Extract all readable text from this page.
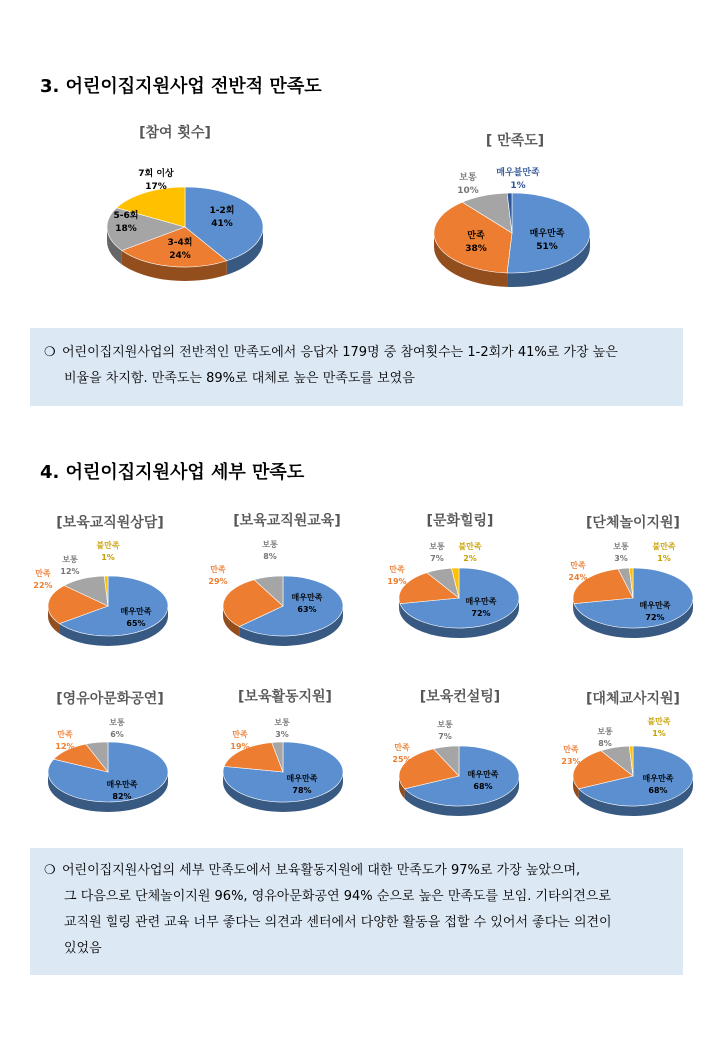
3. 어린이집지원사업 전반적 만족도
[참여 횟수]	[ 만족도]
1-2회
41%
3-4회
24%
5-6회
18%
7회 이상
17%
매우만족
51%
만족
38%
보통
10%
매우불만족
1%

❍ 어린이집지원사업의 전반적인 만족도에서 응답자 179명 중 참여횟수는 1-2회가 41%로 가장 높은

비율을 차지함. 만족도는 89%로 대체로 높은 만족도를 보였음

4. 어린이집지원사업 세부 만족도
[보육교직원상담]	[보육교직원교육]	[문화힐링]	[단체놀이지원]
[영유아문화공연]	[보육활동지원]	[보육컨설팅]	[대체교사지원]
매우만족
65%
만족
22%
보통
12%
불만족
1%
매우만족
63%
만족
29%
보통
8%
매우만족
72%
만족
19%
보통
7%
불만족
2%
매우만족
72%
만족
24%
보통
3%
불만족
1%
매우만족
82%
만족
12%
보통
6%
매우만족
78%
만족
19%
보통
3%
매우만족
68%
만족
25%
보통
7%
매우만족
68%
만족
23%
보통
8%
불만족
1%

❍ 어린이집지원사업의 세부 만족도에서 보육활동지원에 대한 만족도가 97%로 가장 높았으며,

그 다음으로 단체놀이지원 96%, 영유아문화공연 94% 순으로 높은 만족도를 보임. 기타의견으로

교직원 힐링 관련 교육 너무 좋다는 의견과 센터에서 다양한 활동을 접할 수 있어서 좋다는 의견이

있었음
